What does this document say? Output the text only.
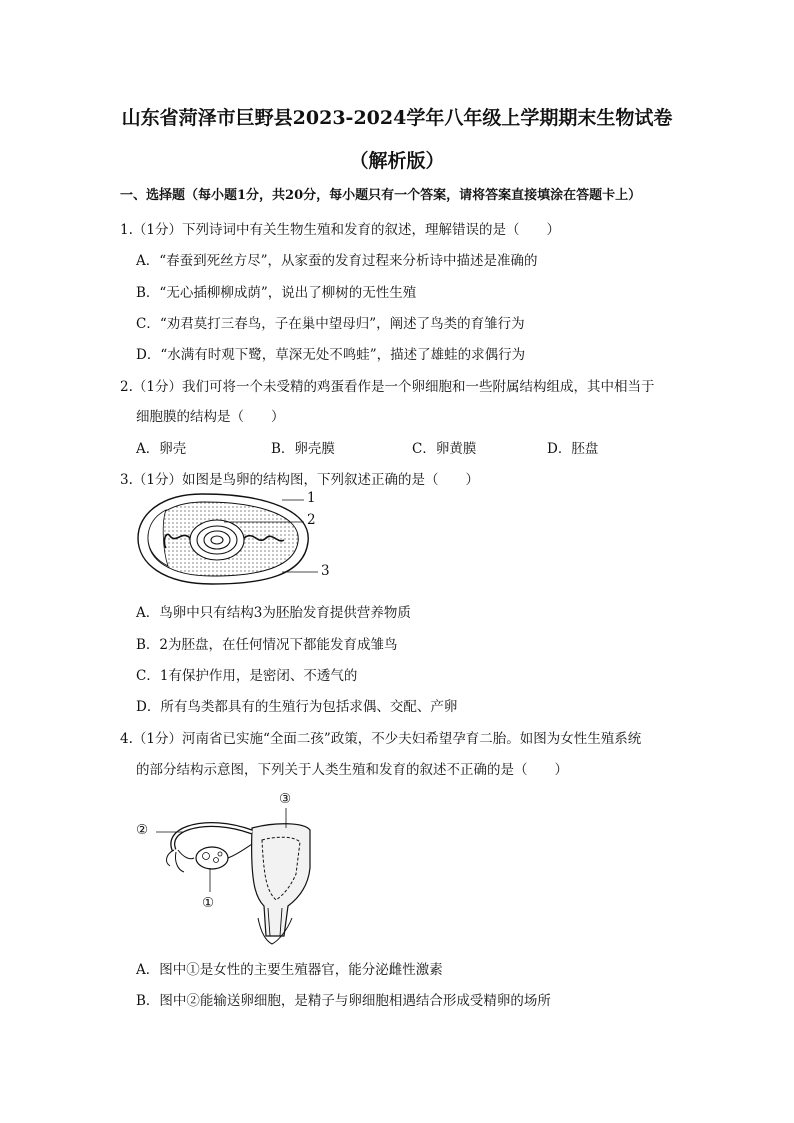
山东省菏泽市巨野县2023-2024学年八年级上学期期末生物试卷
（解析版）
一、选择题（每小题1分，共20分，每小题只有一个答案，请将答案直接填涂在答题卡上）
1.（1分）下列诗词中有关生物生殖和发育的叙述，理解错误的是（　　）
A．“春蚕到死丝方尽”，从家蚕的发育过程来分析诗中描述是准确的
B．“无心插柳柳成荫”，说出了柳树的无性生殖
C．“劝君莫打三春鸟，子在巢中望母归”，阐述了鸟类的育雏行为
D．“水满有时观下鹭，草深无处不鸣蛙”，描述了雄蛙的求偶行为
2.（1分）我们可将一个未受精的鸡蛋看作是一个卵细胞和一些附属结构组成，其中相当于
细胞膜的结构是（　　）
A．卵壳	B．卵壳膜	C．卵黄膜	D．胚盘
3.（1分）如图是鸟卵的结构图，下列叙述正确的是（　　）
1
2
3
A．鸟卵中只有结构3为胚胎发育提供营养物质
B．2为胚盘，在任何情况下都能发育成雏鸟
C．1有保护作用，是密闭、不透气的
D．所有鸟类都具有的生殖行为包括求偶、交配、产卵
4.（1分）河南省已实施“全面二孩”政策，不少夫妇希望孕育二胎。如图为女性生殖系统
的部分结构示意图，下列关于人类生殖和发育的叙述不正确的是（　　）
②
③
①
A．图中①是女性的主要生殖器官，能分泌雌性激素
B．图中②能输送卵细胞，是精子与卵细胞相遇结合形成受精卵的场所
